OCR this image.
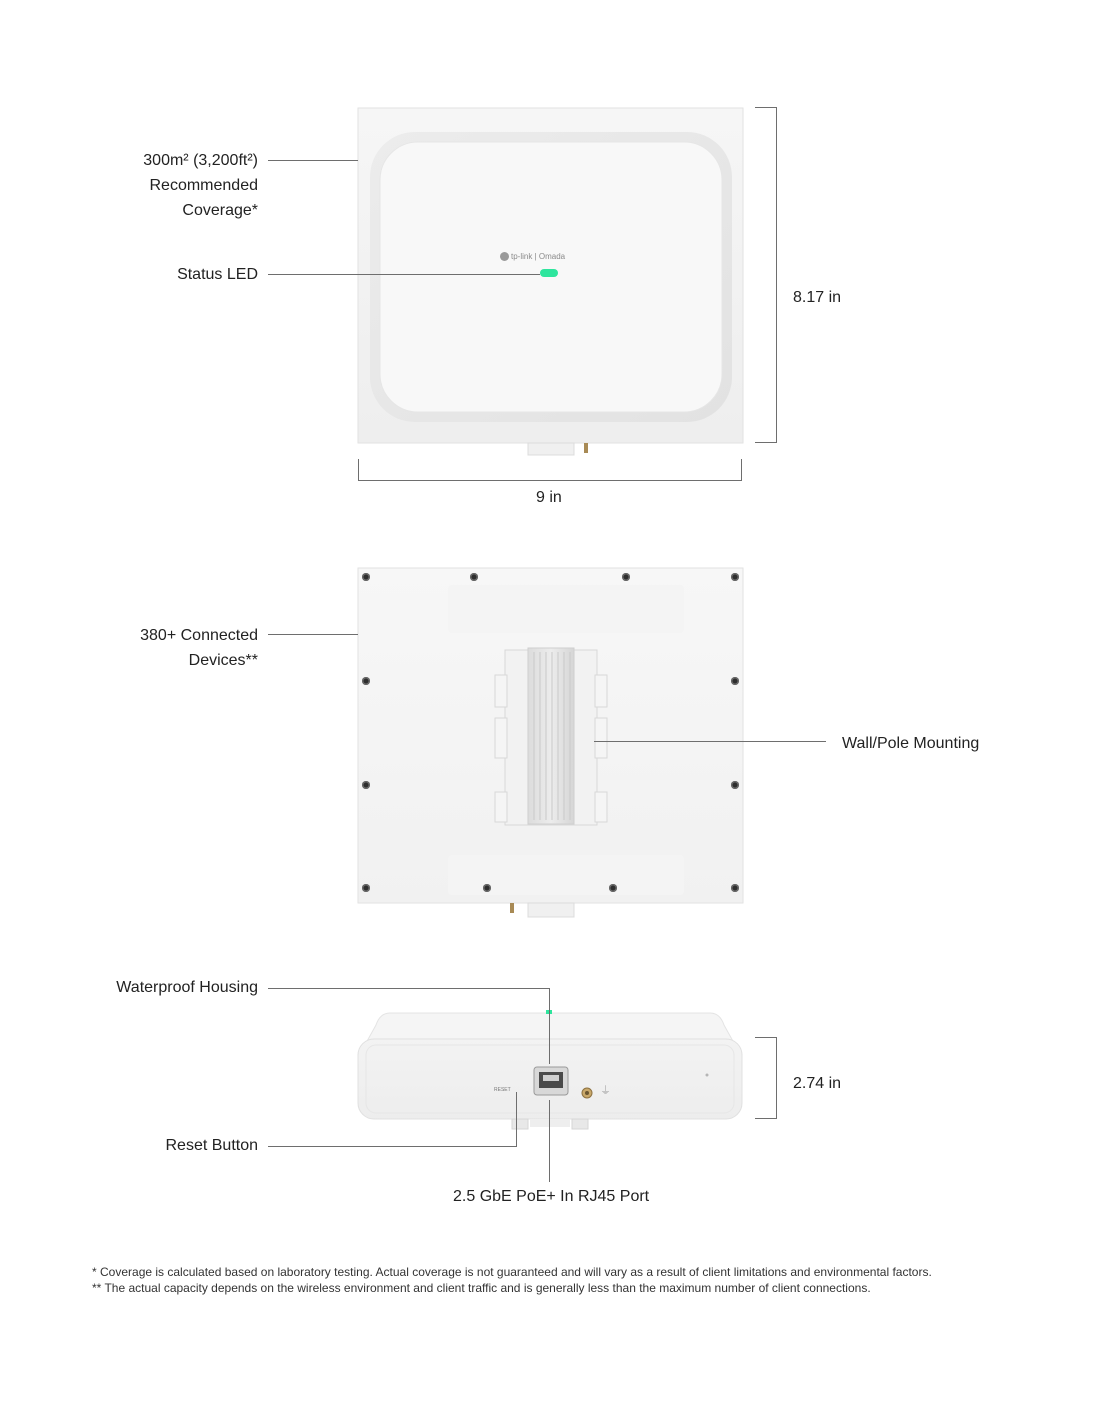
tp-link | Omada
300m² (3,200ft²)
Recommended
Coverage*
Status LED
8.17 in
9 in
380+ Connected
Devices**
Wall/Pole Mounting
RESET	⏚
Waterproof Housing
Reset Button
2.5 GbE PoE+ In RJ45 Port
2.74 in
* Coverage is calculated based on laboratory testing. Actual coverage is not guaranteed and will vary as a result of client limitations and environmental factors.
** The actual capacity depends on the wireless environment and client traffic and is generally less than the maximum number of client connections.
